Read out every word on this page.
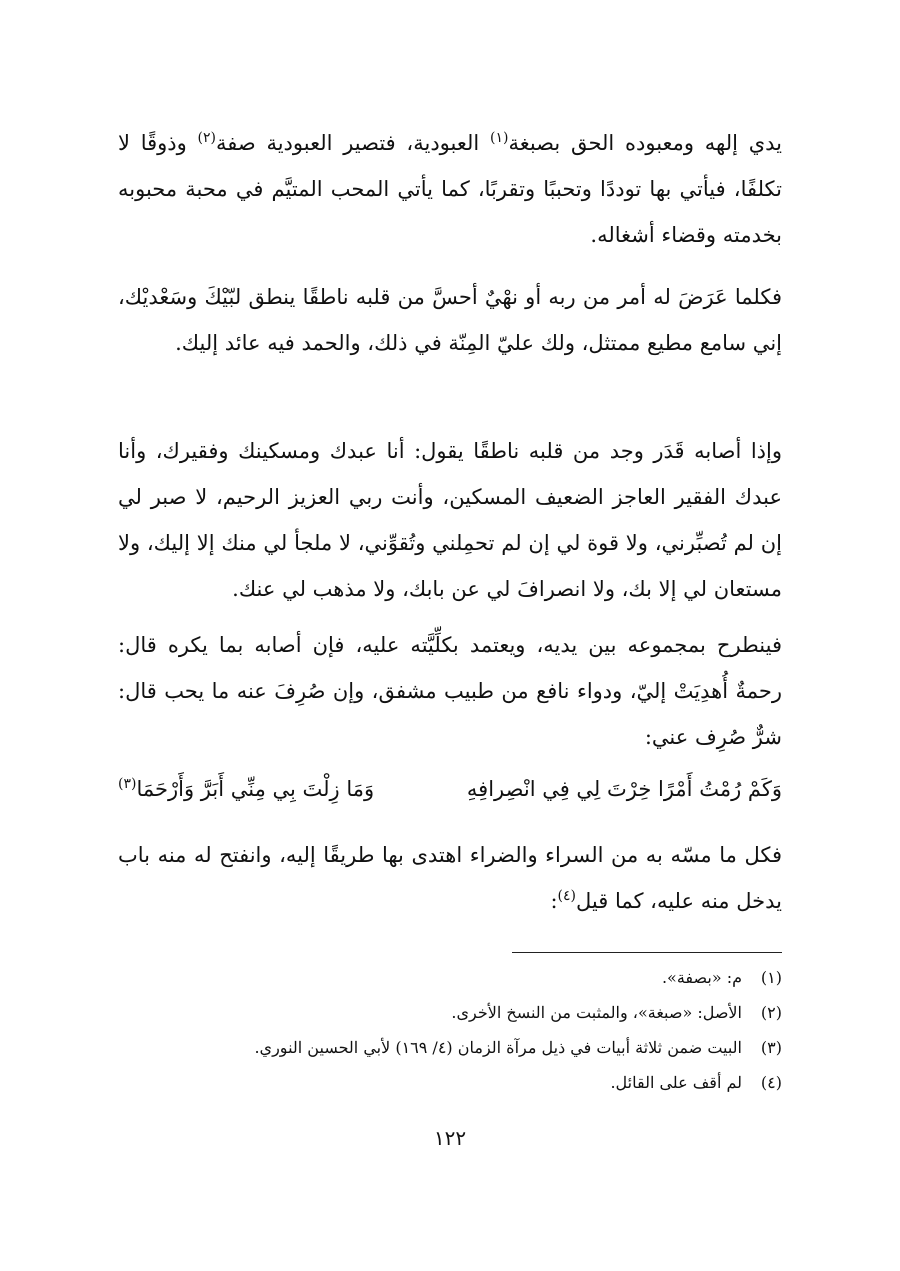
يدي إلهه ومعبوده الحق بصبغة$^{(١)}$ العبودية، فتصير العبودية صفة$^{(٢)}$ وذوقًا لا تكلفًا، فيأتي بها توددًا وتحببًا وتقربًا، كما يأتي المحب المتيَّم في محبة محبوبه بخدمته وقضاء أشغاله.

فكلما عَرَضَ له أمر من ربه أو نهْيٌ أحسَّ من قلبه ناطقًا ينطق لبّيْكَ وسَعْديْك، إني سامع مطيع ممتثل، ولك عليّ المِنّة في ذلك، والحمد فيه عائد إليك.

وإذا أصابه قَدَر وجد من قلبه ناطقًا يقول: أنا عبدك ومسكينك وفقيرك، وأنا عبدك الفقير العاجز الضعيف المسكين، وأنت ربي العزيز الرحيم، لا صبر لي إن لم تُصبِّرني، ولا قوة لي إن لم تحمِلني وتُقوِّني، لا ملجأ لي منك إلا إليك، ولا مستعان لي إلا بك، ولا انصرافَ لي عن بابك، ولا مذهب لي عنك.

فينطرح بمجموعه بين يديه، ويعتمد بكلِّيَّته عليه، فإن أصابه بما يكره قال: رحمةٌ أُهدِيَتْ إليّ، ودواء نافع من طبيب مشفق، وإن صُرِفَ عنه ما يحب قال: شرٌّ صُرِف عني:

وَكَمْ رُمْتُ أَمْرًا خِرْتَ لِي فِي انْصِرافِهِ
وَمَا زِلْتَ بِي مِنِّي أَبَرَّ وَأَرْحَمَا$^{(٣)}$

فكل ما مسّه به من السراء والضراء اهتدى بها طريقًا إليه، وانفتح له منه باب يدخل منه عليه، كما قيل$^{(٤)}$:

(١)م: «بصفة».
(٢)الأصل: «صبغة»، والمثبت من النسخ الأخرى.
(٣)البيت ضمن ثلاثة أبيات في ذيل مرآة الزمان (٤/ ١٦٩) لأبي الحسين النوري.
(٤)لم أقف على القائل.
١٢٢
